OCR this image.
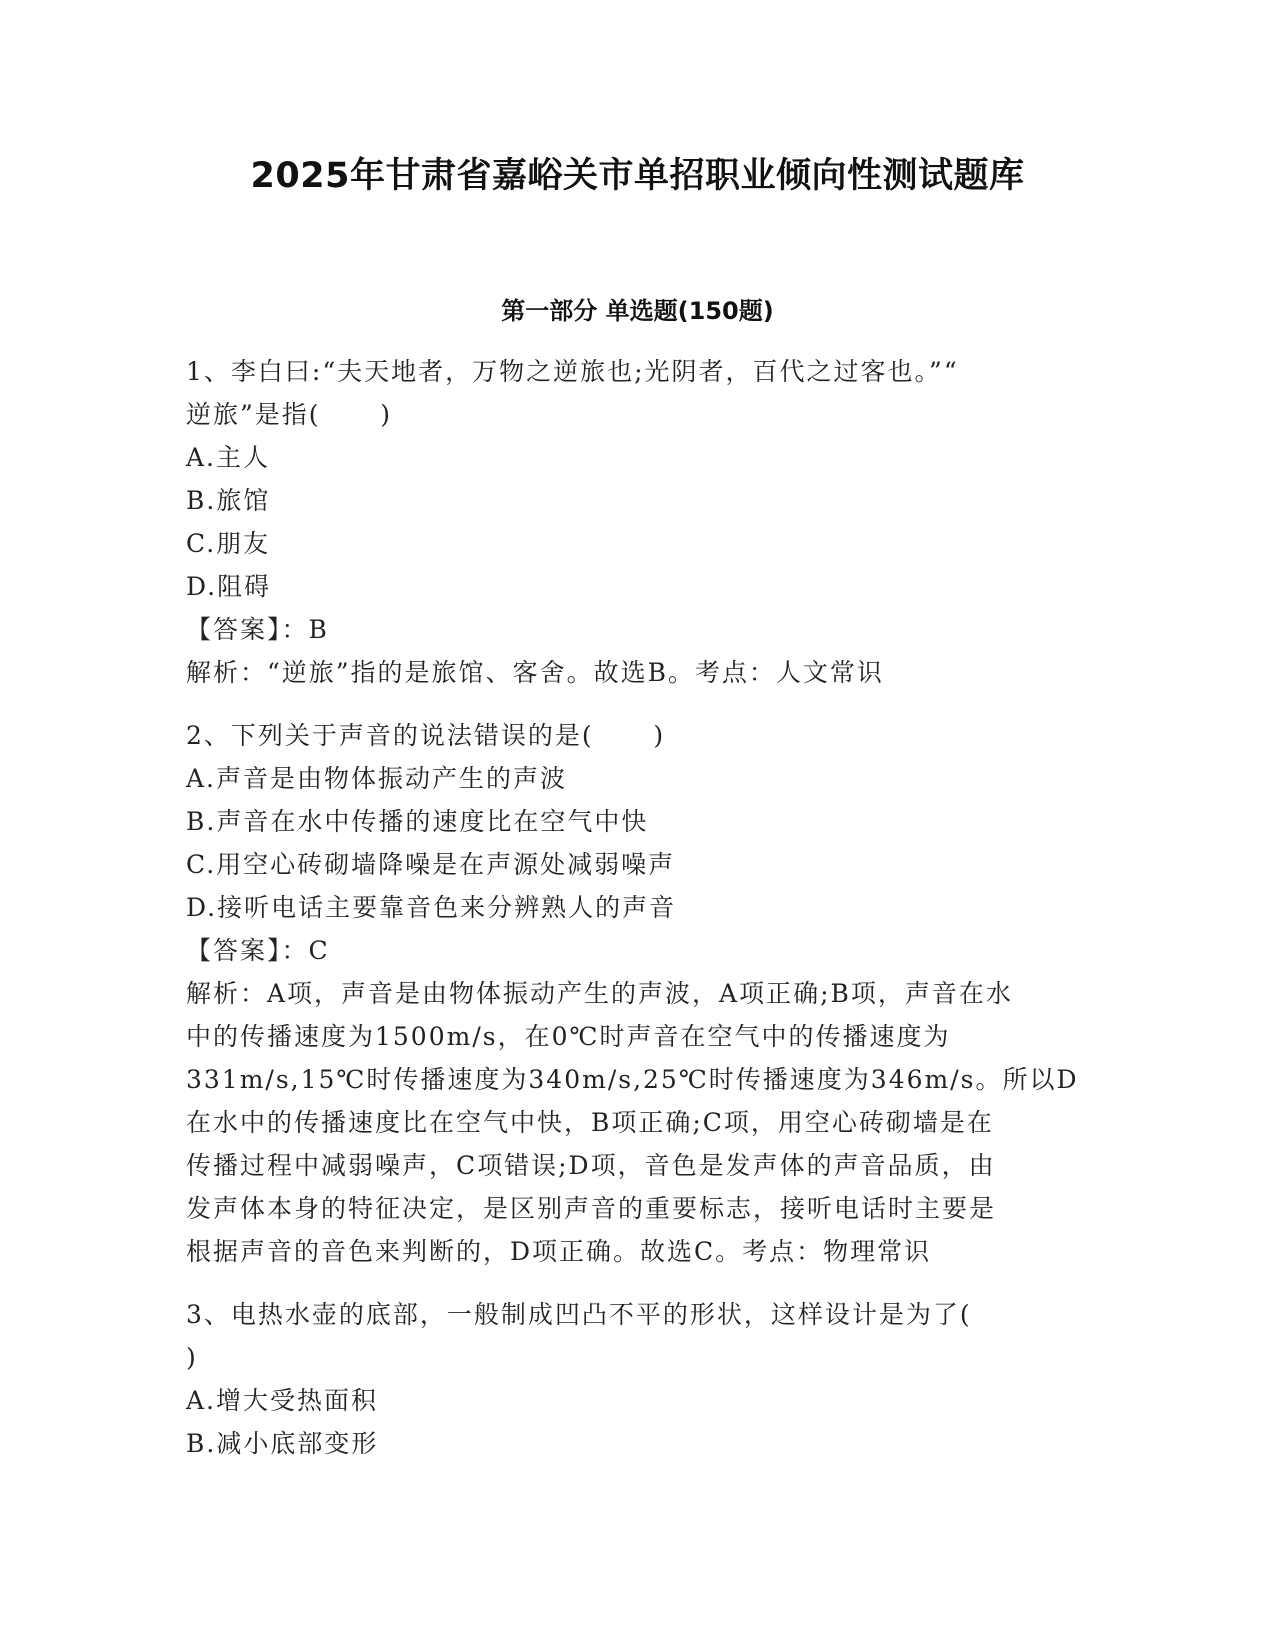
2025年甘肃省嘉峪关市单招职业倾向性测试题库
第一部分 单选题(150题)
1、李白曰:“夫天地者，万物之逆旅也;光阴者，百代之过客也。”“
逆旅”是指(      )
A.主人
B.旅馆
C.朋友
D.阻碍
【答案】：B
解析：“逆旅”指的是旅馆、客舍。故选B。考点：人文常识
2、下列关于声音的说法错误的是(      )
A.声音是由物体振动产生的声波
B.声音在水中传播的速度比在空气中快
C.用空心砖砌墙降噪是在声源处减弱噪声
D.接听电话主要靠音色来分辨熟人的声音
【答案】：C
解析：A项，声音是由物体振动产生的声波，A项正确;B项，声音在水
中的传播速度为1500m/s，在0℃时声音在空气中的传播速度为
331m/s,15℃时传播速度为340m/s,25℃时传播速度为346m/s。所以D
在水中的传播速度比在空气中快，B项正确;C项，用空心砖砌墙是在
传播过程中减弱噪声，C项错误;D项，音色是发声体的声音品质，由
发声体本身的特征决定，是区别声音的重要标志，接听电话时主要是
根据声音的音色来判断的，D项正确。故选C。考点：物理常识
3、电热水壶的底部，一般制成凹凸不平的形状，这样设计是为了(
)
A.增大受热面积
B.减小底部变形
